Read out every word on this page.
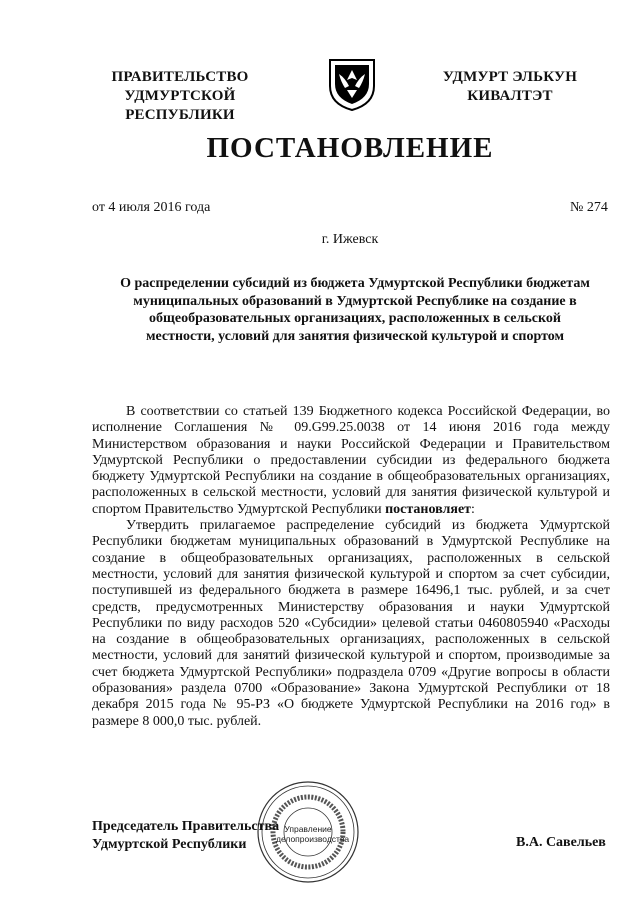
ПРАВИТЕЛЬСТВО
УДМУРТСКОЙ РЕСПУБЛИКИ
УДМУРТ ЭЛЬКУН
КИВАЛТЭТ
ПОСТАНОВЛЕНИЕ
от 4 июля 2016 года	№ 274
г. Ижевск
О распределении субсидий из бюджета Удмуртской Республики бюджетам муниципальных образований в Удмуртской Республике на создание в общеобразовательных организациях, расположенных в сельской местности, условий для занятия физической культурой и спортом

В соответствии со статьей 139 Бюджетного кодекса Российской Федерации, во исполнение Соглашения № 09.G99.25.0038 от 14 июня 2016 года между Министерством образования и науки Российской Федерации и Правительством Удмуртской Республики о предоставлении субсидии из федерального бюджета бюджету Удмуртской Республики на создание в общеобразовательных организациях, расположенных в сельской местности, условий для занятия физической культурой и спортом Правительство Удмуртской Республики постановляет:

Утвердить прилагаемое распределение субсидий из бюджета Удмуртской Республики бюджетам муниципальных образований в Удмуртской Республике на создание в общеобразовательных организациях, расположенных в сельской местности, условий для занятия физической культурой и спортом за счет субсидии, поступившей из федерального бюджета в размере 16496,1 тыс. рублей, и за счет средств, предусмотренных Министерству образования и науки Удмуртской Республики по виду расходов 520 «Субсидии» целевой статьи 0460805940 «Расходы на создание в общеобразовательных организациях, расположенных в сельской местности, условий для занятий физической культурой и спортом, производимые за счет бюджета Удмуртской Республики» подраздела 0709 «Другие вопросы в области образования» раздела 0700 «Образование» Закона Удмуртской Республики от 18 декабря 2015 года № 95-РЗ «О бюджете Удмуртской Республики на 2016 год» в размере 8 000,0 тыс. рублей.

Управление
делопроизводства
Председатель Правительства
Удмуртской Республики	В.А. Савельев
